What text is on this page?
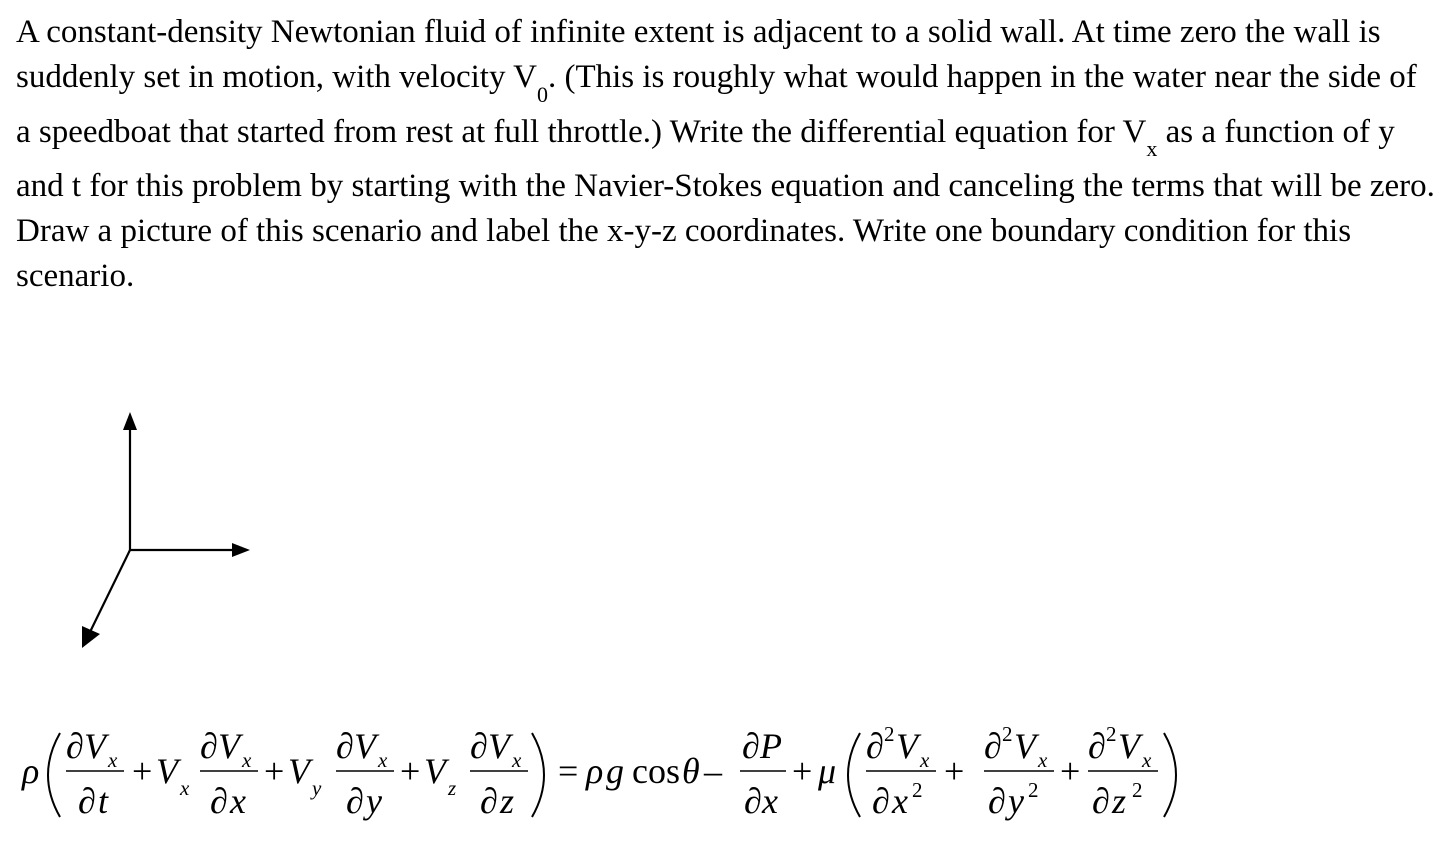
A constant-density Newtonian fluid of infinite extent is adjacent to a solid wall. At time zero the wall is suddenly set in motion, with velocity $V_0$. (This is roughly what would happen in the water near the side of a speedboat that started from rest at full throttle.) Write the differential equation for $V_x$ as a function of y and t for this problem by starting with the Navier-Stokes equation and canceling the terms that will be zero. Draw a picture of this scenario and label the x-y-z coordinates. Write one boundary condition for this scenario.

ρ
∂ V x
∂ t
+ V x
∂ V x
∂ x
+ V y
∂ V x
∂ y
+ V z
∂ V x
∂ z
= ρ g cos θ –
∂ P
∂ x
+ μ
∂ 2 V x
∂ x 2 +
∂ 2 V x
∂ y 2 +
∂ 2 V x
∂ z 2
